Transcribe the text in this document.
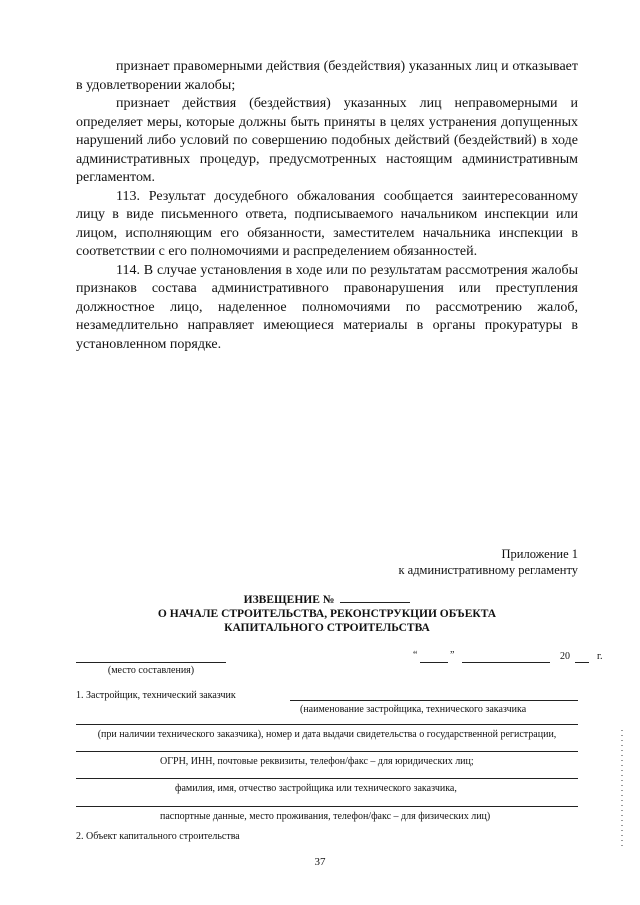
признает правомерными действия (бездействия) указанных лиц и отказывает в удовлетворении жалобы;

признает действия (бездействия) указанных лиц неправомерными и определяет меры, которые должны быть приняты в целях устранения допущенных нарушений либо условий по совершению подобных действий (бездействий) в ходе административных процедур, предусмотренных настоящим административным регламентом.

113. Результат досудебного обжалования сообщается заинтересованному лицу в виде письменного ответа, подписываемого начальником инспекции или лицом, исполняющим его обязанности, заместителем начальника инспекции в соответствии с его полномочиями и распределением обязанностей.

114. В случае установления в ходе или по результатам рассмотрения жалобы признаков состава административного правонарушения или преступления должностное лицо, наделенное полномочиями по рассмотрению жалоб, незамедлительно направляет имеющиеся материалы в органы прокуратуры в установленном порядке.

Приложение 1
к административному регламенту
ИЗВЕЩЕНИЕ №
О НАЧАЛЕ СТРОИТЕЛЬСТВА, РЕКОНСТРУКЦИИ ОБЪЕКТА КАПИТАЛЬНОГО СТРОИТЕЛЬСТВА
(место составления)
“	”	20	г.
1. Застройщик, технический заказчик
(наименование застройщика, технического заказчика
(при наличии технического заказчика), номер и дата выдачи свидетельства о государственной регистрации,
ОГРН, ИНН, почтовые реквизиты, телефон/факс – для юридических лиц;
фамилия, имя, отчество застройщика или технического заказчика,
паспортные данные, место проживания, телефон/факс – для физических лиц)
2. Объект капитального строительства
37
